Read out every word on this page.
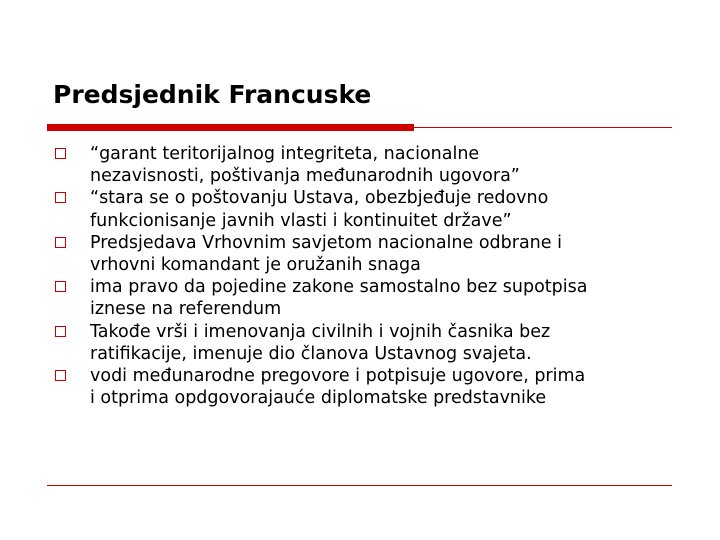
Predsjednik Francuske
“garant teritorijalnog integriteta, nacionalne
nezavisnosti, poštivanja međunarodnih ugovora”
“stara se o poštovanju Ustava, obezbjeđuje redovno
funkcionisanje javnih vlasti i kontinuitet države”
Predsjedava Vrhovnim savjetom nacionalne odbrane i
vrhovni komandant je oružanih snaga
ima pravo da pojedine zakone samostalno bez supotpisa
iznese na referendum
Takođe vrši i imenovanja civilnih i vojnih časnika bez
ratifikacije, imenuje dio članova Ustavnog svajeta.
vodi međunarodne pregovore i potpisuje ugovore, prima
i otprima opdgovorajauće diplomatske predstavnike
